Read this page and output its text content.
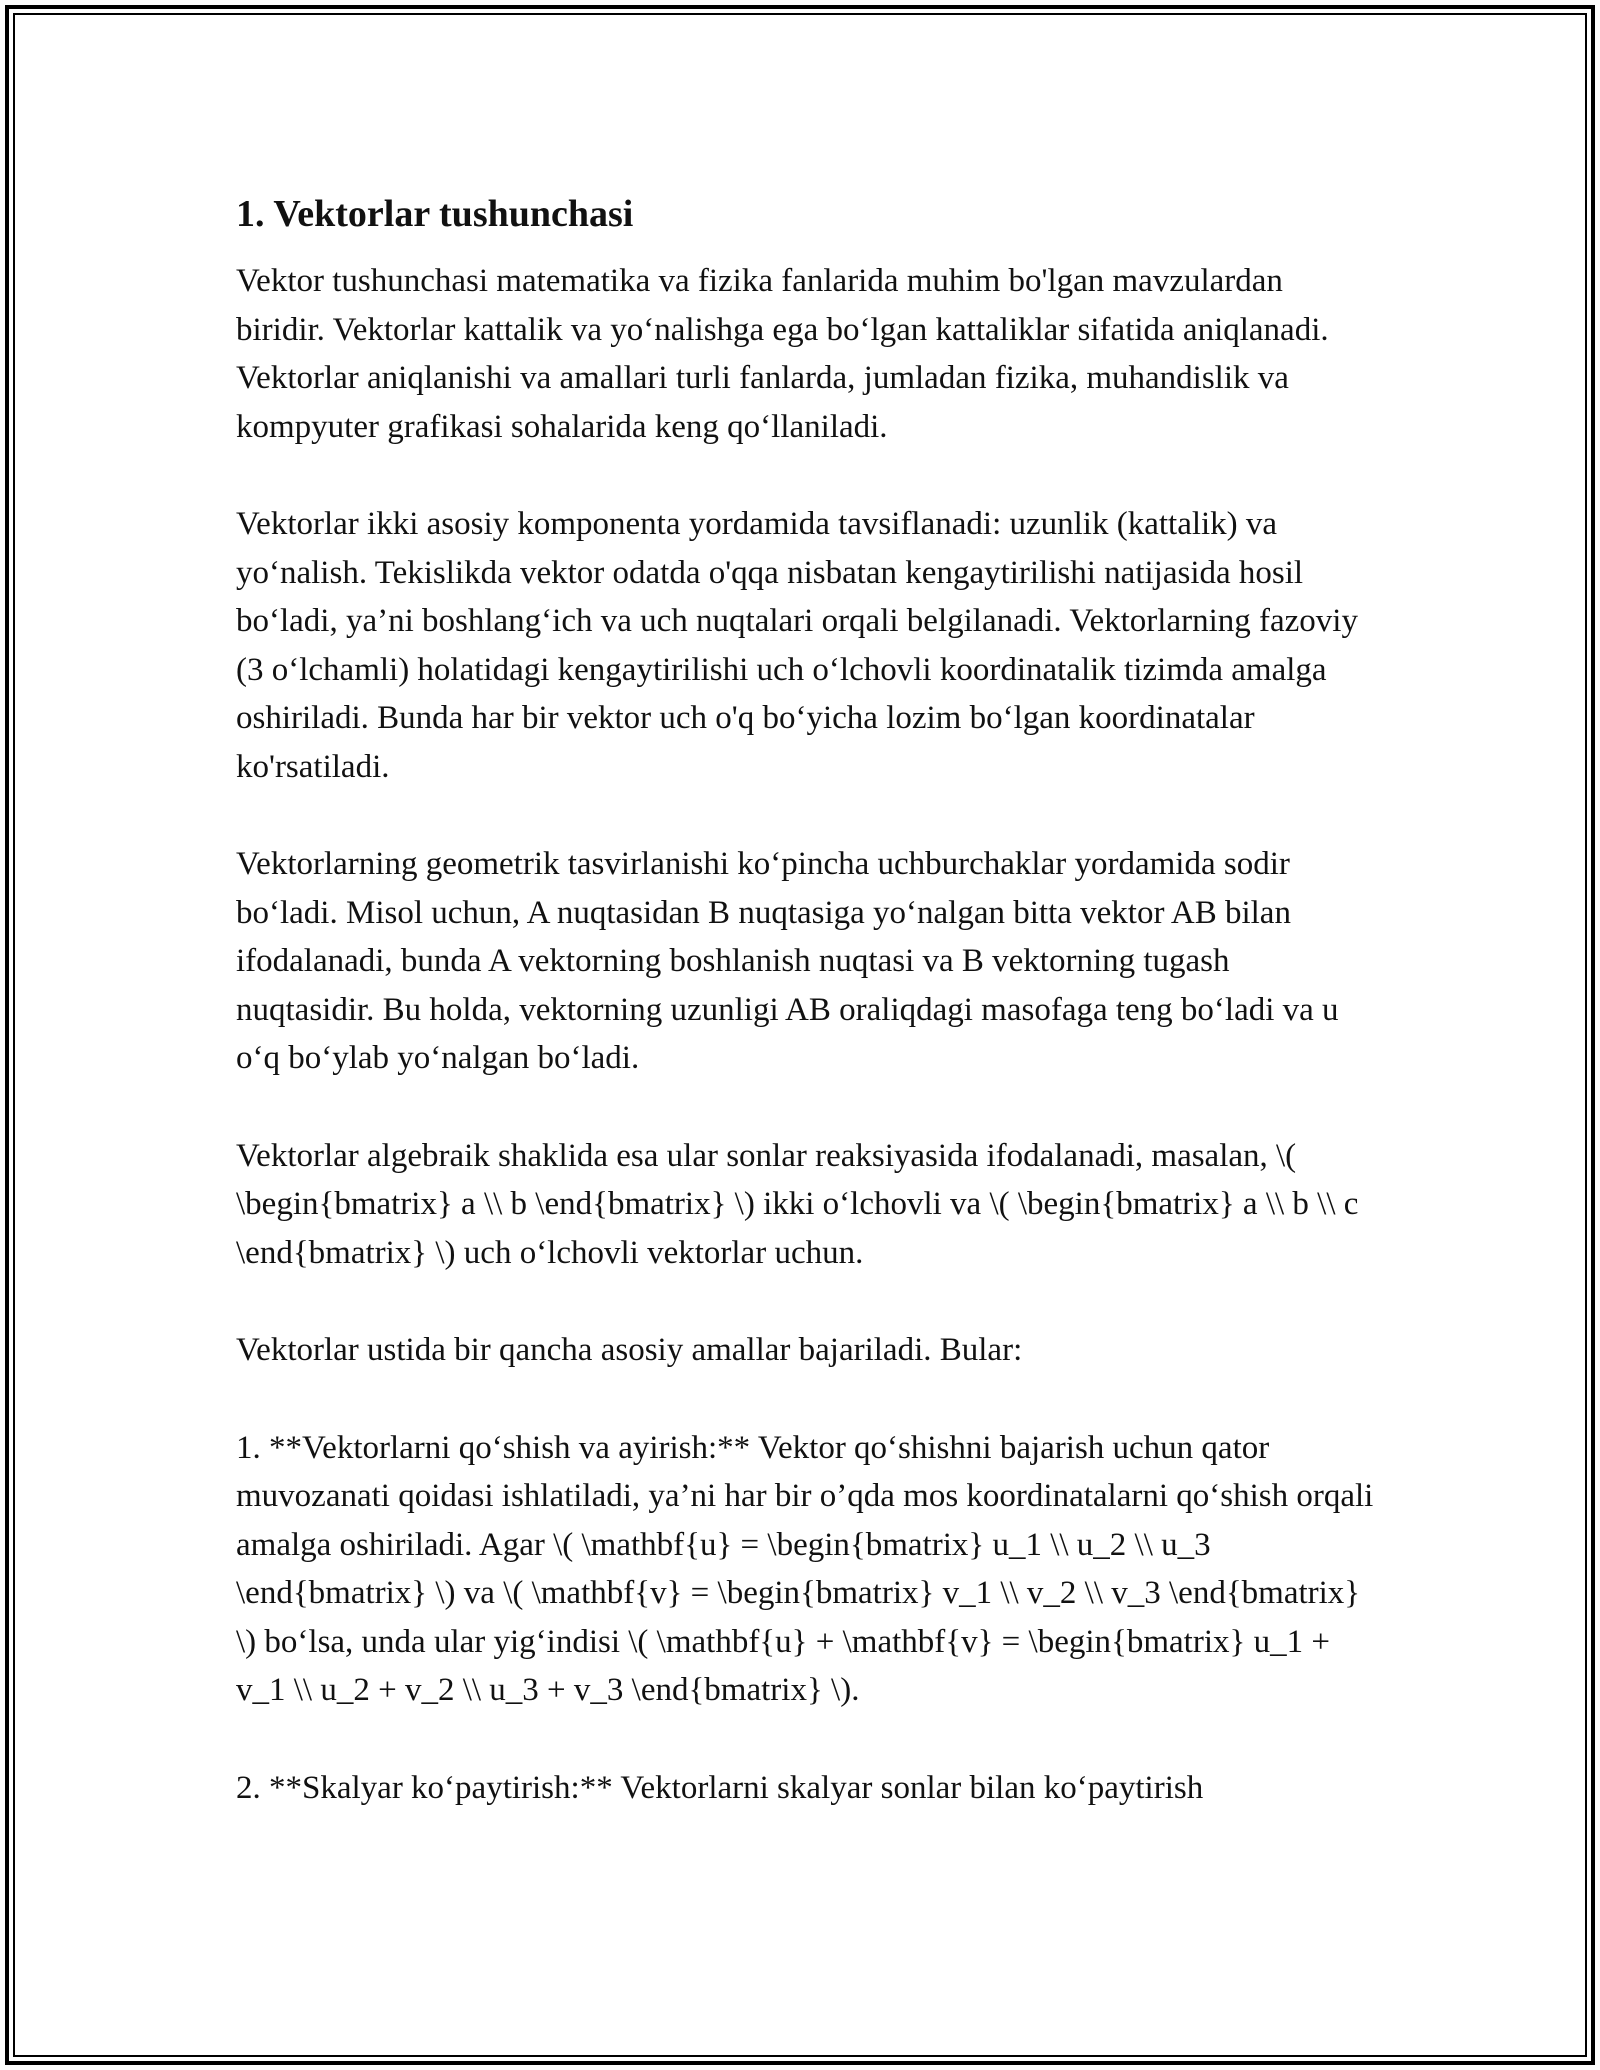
1. Vektorlar tushunchasi

Vektor tushunchasi matematika va fizika fanlarida muhim bo'lgan mavzulardan biridir. Vektorlar kattalik va yo‘nalishga ega bo‘lgan kattaliklar sifatida aniqlanadi. Vektorlar aniqlanishi va amallari turli fanlarda, jumladan fizika, muhandislik va kompyuter grafikasi sohalarida keng qo‘llaniladi.

Vektorlar ikki asosiy komponenta yordamida tavsiflanadi: uzunlik (kattalik) va yo‘nalish. Tekislikda vektor odatda o'qqa nisbatan kengaytirilishi natijasida hosil bo‘ladi, ya’ni boshlang‘ich va uch nuqtalari orqali belgilanadi. Vektorlarning fazoviy (3 o‘lchamli) holatidagi kengaytirilishi uch o‘lchovli koordinatalik tizimda amalga oshiriladi. Bunda har bir vektor uch o'q bo‘yicha lozim bo‘lgan koordinatalar ko'rsatiladi.

Vektorlarning geometrik tasvirlanishi ko‘pincha uchburchaklar yordamida sodir bo‘ladi. Misol uchun, A nuqtasidan B nuqtasiga yo‘nalgan bitta vektor AB bilan ifodalanadi, bunda A vektorning boshlanish nuqtasi va B vektorning tugash nuqtasidir. Bu holda, vektorning uzunligi AB oraliqdagi masofaga teng bo‘ladi va u o‘q bo‘ylab yo‘nalgan bo‘ladi.

Vektorlar algebraik shaklida esa ular sonlar reaksiyasida ifodalanadi, masalan, \( \begin{bmatrix} a \\ b \end{bmatrix} \) ikki o‘lchovli va \( \begin{bmatrix} a \\ b \\ c \end{bmatrix} \) uch o‘lchovli vektorlar uchun.

Vektorlar ustida bir qancha asosiy amallar bajariladi. Bular:

1. **Vektorlarni qo‘shish va ayirish:** Vektor qo‘shishni bajarish uchun qator muvozanati qoidasi ishlatiladi, ya’ni har bir o’qda mos koordinatalarni qo‘shish orqali amalga oshiriladi. Agar \( \mathbf{u} = \begin{bmatrix} u_1 \\ u_2 \\ u_3 \end{bmatrix} \) va \( \mathbf{v} = \begin{bmatrix} v_1 \\ v_2 \\ v_3 \end{bmatrix} \) bo‘lsa, unda ular yig‘indisi \( \mathbf{u} + \mathbf{v} = \begin{bmatrix} u_1 + v_1 \\ u_2 + v_2 \\ u_3 + v_3 \end{bmatrix} \).

2. **Skalyar ko‘paytirish:** Vektorlarni skalyar sonlar bilan ko‘paytirish
